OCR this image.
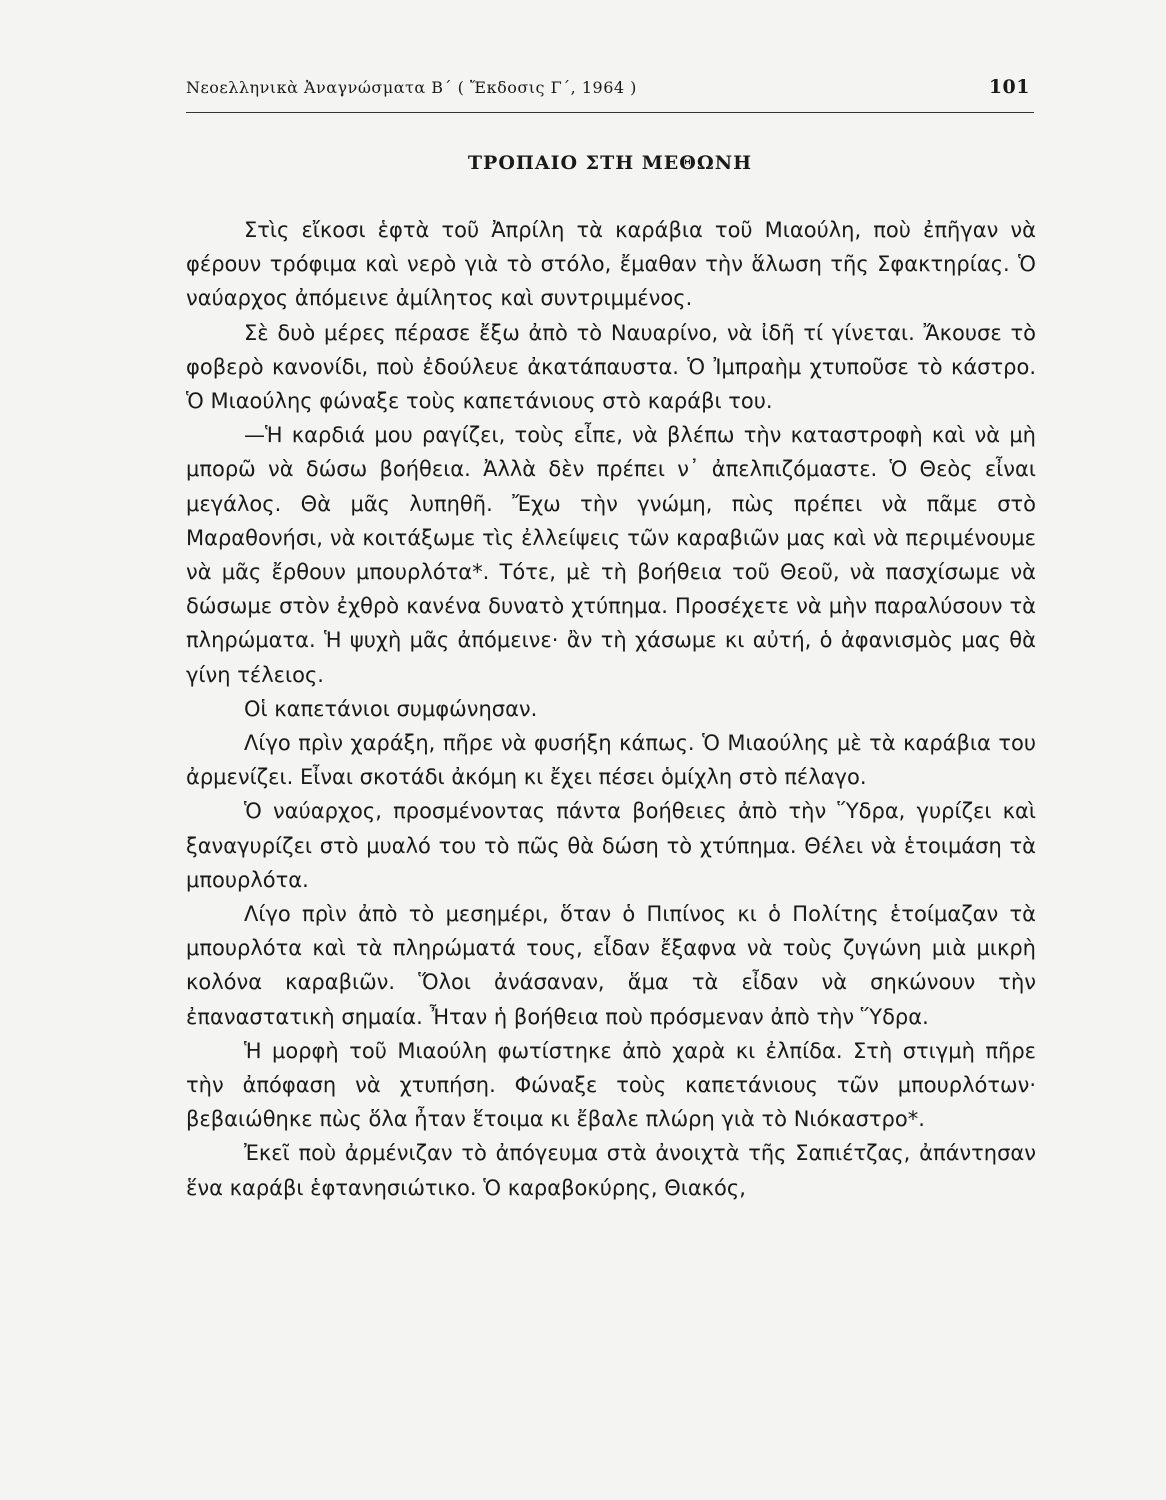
Νεοελληνικὰ Ἀναγνώσματα Β΄ ( Ἔκδοσις Γ΄, 1964 )	101
ΤΡΟΠΑΙΟ ΣΤΗ ΜΕΘΩΝΗ

Στὶς εἴκοσι ἑφτὰ τοῦ Ἀπρίλη τὰ καράβια τοῦ Μιαούλη, ποὺ ἐπῆγαν νὰ φέρουν τρόφιμα καὶ νερὸ γιὰ τὸ στόλο, ἔμαθαν τὴν ἅλωση τῆς Σφακτηρίας. Ὁ ναύαρχος ἀπόμεινε ἀμίλητος καὶ συντριμμένος.

Σὲ δυὸ μέρες πέρασε ἔξω ἀπὸ τὸ Ναυαρίνο, νὰ ἰδῆ τί γίνεται. Ἄκουσε τὸ φοβερὸ κανονίδι, ποὺ ἐδούλευε ἀκατάπαυστα. Ὁ Ἰμπραὴμ χτυποῦσε τὸ κάστρο. Ὁ Μιαούλης φώναξε τοὺς καπετάνιους στὸ καράβι του.

—Ἡ καρδιά μου ραγίζει, τοὺς εἶπε, νὰ βλέπω τὴν καταστροφὴ καὶ νὰ μὴ μπορῶ νὰ δώσω βοήθεια. Ἀλλὰ δὲν πρέπει ν᾽ ἀπελπιζόμαστε. Ὁ Θεὸς εἶναι μεγάλος. Θὰ μᾶς λυπηθῆ. Ἔχω τὴν γνώμη, πὼς πρέπει νὰ πᾶμε στὸ Μαραθονήσι, νὰ κοιτάξωμε τὶς ἐλλείψεις τῶν καραβιῶν μας καὶ νὰ περιμένουμε νὰ μᾶς ἔρθουν μπουρλότα*. Τότε, μὲ τὴ βοήθεια τοῦ Θεοῦ, νὰ πασχίσωμε νὰ δώσωμε στὸν ἐχθρὸ κανένα δυνατὸ χτύπημα. Προσέχετε νὰ μὴν παραλύσουν τὰ πληρώματα. Ἡ ψυχὴ μᾶς ἀπόμεινε· ἂν τὴ χάσωμε κι αὐτή, ὁ ἀφανισμὸς μας θὰ γίνη τέλειος.

Οἱ καπετάνιοι συμφώνησαν.

Λίγο πρὶν χαράξη, πῆρε νὰ φυσήξη κάπως. Ὁ Μιαούλης μὲ τὰ καράβια του ἀρμενίζει. Εἶναι σκοτάδι ἀκόμη κι ἔχει πέσει ὁμίχλη στὸ πέλαγο.

Ὁ ναύαρχος, προσμένοντας πάντα βοήθειες ἀπὸ τὴν Ὕδρα, γυρίζει καὶ ξαναγυρίζει στὸ μυαλό του τὸ πῶς θὰ δώση τὸ χτύπημα. Θέλει νὰ ἑτοιμάση τὰ μπουρλότα.

Λίγο πρὶν ἀπὸ τὸ μεσημέρι, ὅταν ὁ Πιπίνος κι ὁ Πολίτης ἑτοίμαζαν τὰ μπουρλότα καὶ τὰ πληρώματά τους, εἶδαν ἔξαφνα νὰ τοὺς ζυγώνη μιὰ μικρὴ κολόνα καραβιῶν. Ὅλοι ἀνάσαναν, ἅμα τὰ εἶδαν νὰ σηκώνουν τὴν ἐπαναστατικὴ σημαία. Ἦταν ἡ βοήθεια ποὺ πρόσμεναν ἀπὸ τὴν Ὕδρα.

Ἡ μορφὴ τοῦ Μιαούλη φωτίστηκε ἀπὸ χαρὰ κι ἐλπίδα. Στὴ στιγμὴ πῆρε τὴν ἀπόφαση νὰ χτυπήση. Φώναξε τοὺς καπετάνιους τῶν μπουρλότων· βεβαιώθηκε πὼς ὅλα ἦταν ἕτοιμα κι ἔβαλε πλώρη γιὰ τὸ Νιόκαστρο*.

Ἐκεῖ ποὺ ἀρμένιζαν τὸ ἀπόγευμα στὰ ἀνοιχτὰ τῆς Σαπιέτζας, ἀπάντησαν ἕνα καράβι ἑφτανησιώτικο. Ὁ καραβοκύρης, Θιακός,
